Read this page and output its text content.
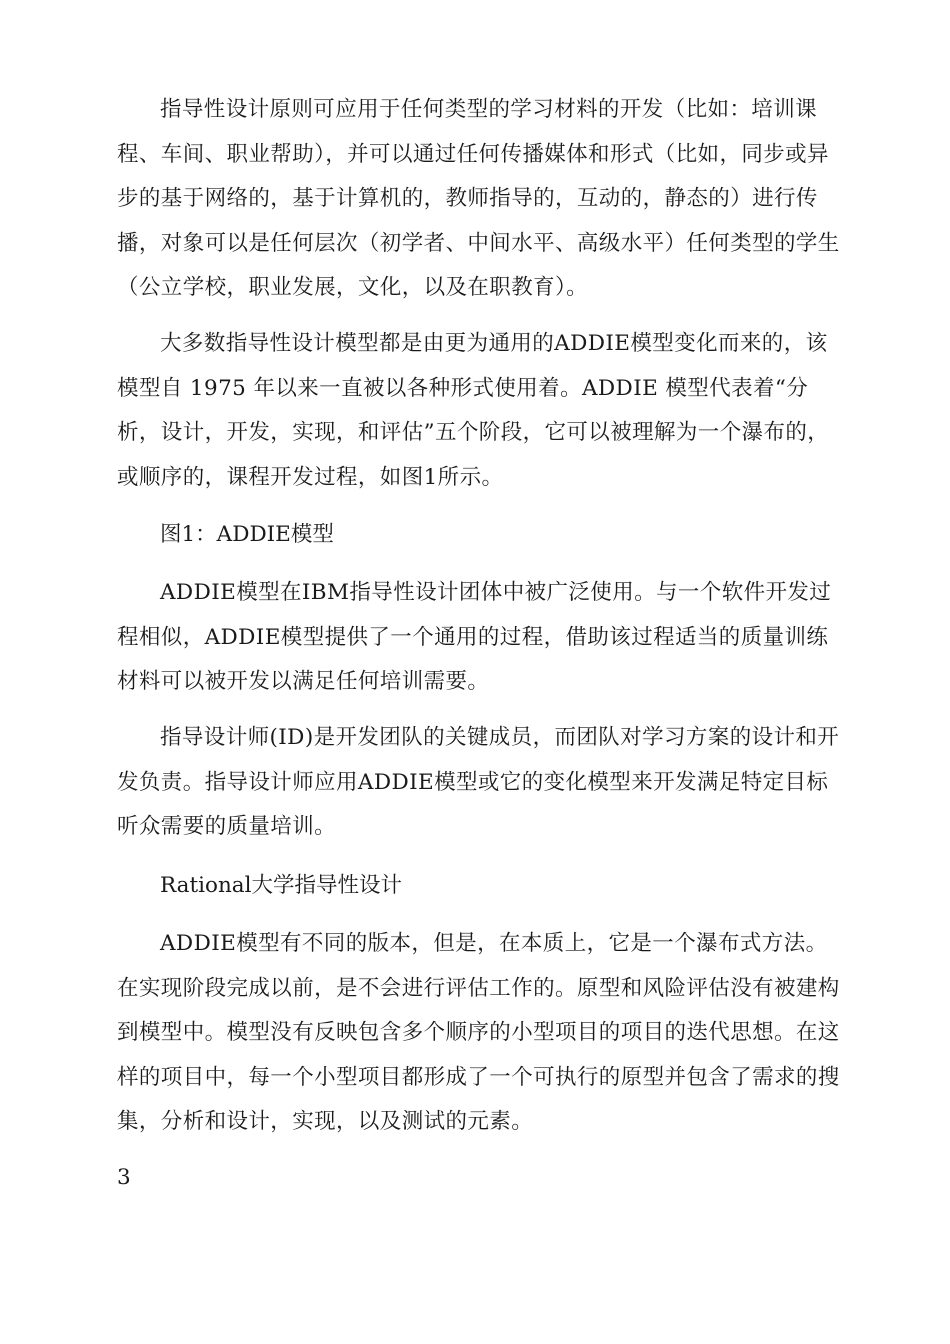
指导性设计原则可应用于任何类型的学习材料的开发（比如：培训课程、车间、职业帮助），并可以通过任何传播媒体和形式（比如，同步或异步的基于网络的，基于计算机的，教师指导的，互动的，静态的）进行传播，对象可以是任何层次（初学者、中间水平、高级水平）任何类型的学生（公立学校，职业发展，文化，以及在职教育）。

大多数指导性设计模型都是由更为通用的ADDIE模型变化而来的，该模型自 1975 年以来一直被以各种形式使用着。ADDIE 模型代表着“分析，设计，开发，实现，和评估”五个阶段，它可以被理解为一个瀑布的，或顺序的，课程开发过程，如图1所示。

图1：ADDIE模型

ADDIE模型在IBM指导性设计团体中被广泛使用。与一个软件开发过程相似，ADDIE模型提供了一个通用的过程，借助该过程适当的质量训练材料可以被开发以满足任何培训需要。

指导设计师(ID)是开发团队的关键成员，而团队对学习方案的设计和开发负责。指导设计师应用ADDIE模型或它的变化模型来开发满足特定目标听众需要的质量培训。

Rational大学指导性设计

ADDIE模型有不同的版本，但是，在本质上，它是一个瀑布式方法。在实现阶段完成以前，是不会进行评估工作的。原型和风险评估没有被建构到模型中。模型没有反映包含多个顺序的小型项目的项目的迭代思想。在这样的项目中，每一个小型项目都形成了一个可执行的原型并包含了需求的搜集，分析和设计，实现，以及测试的元素。

3
